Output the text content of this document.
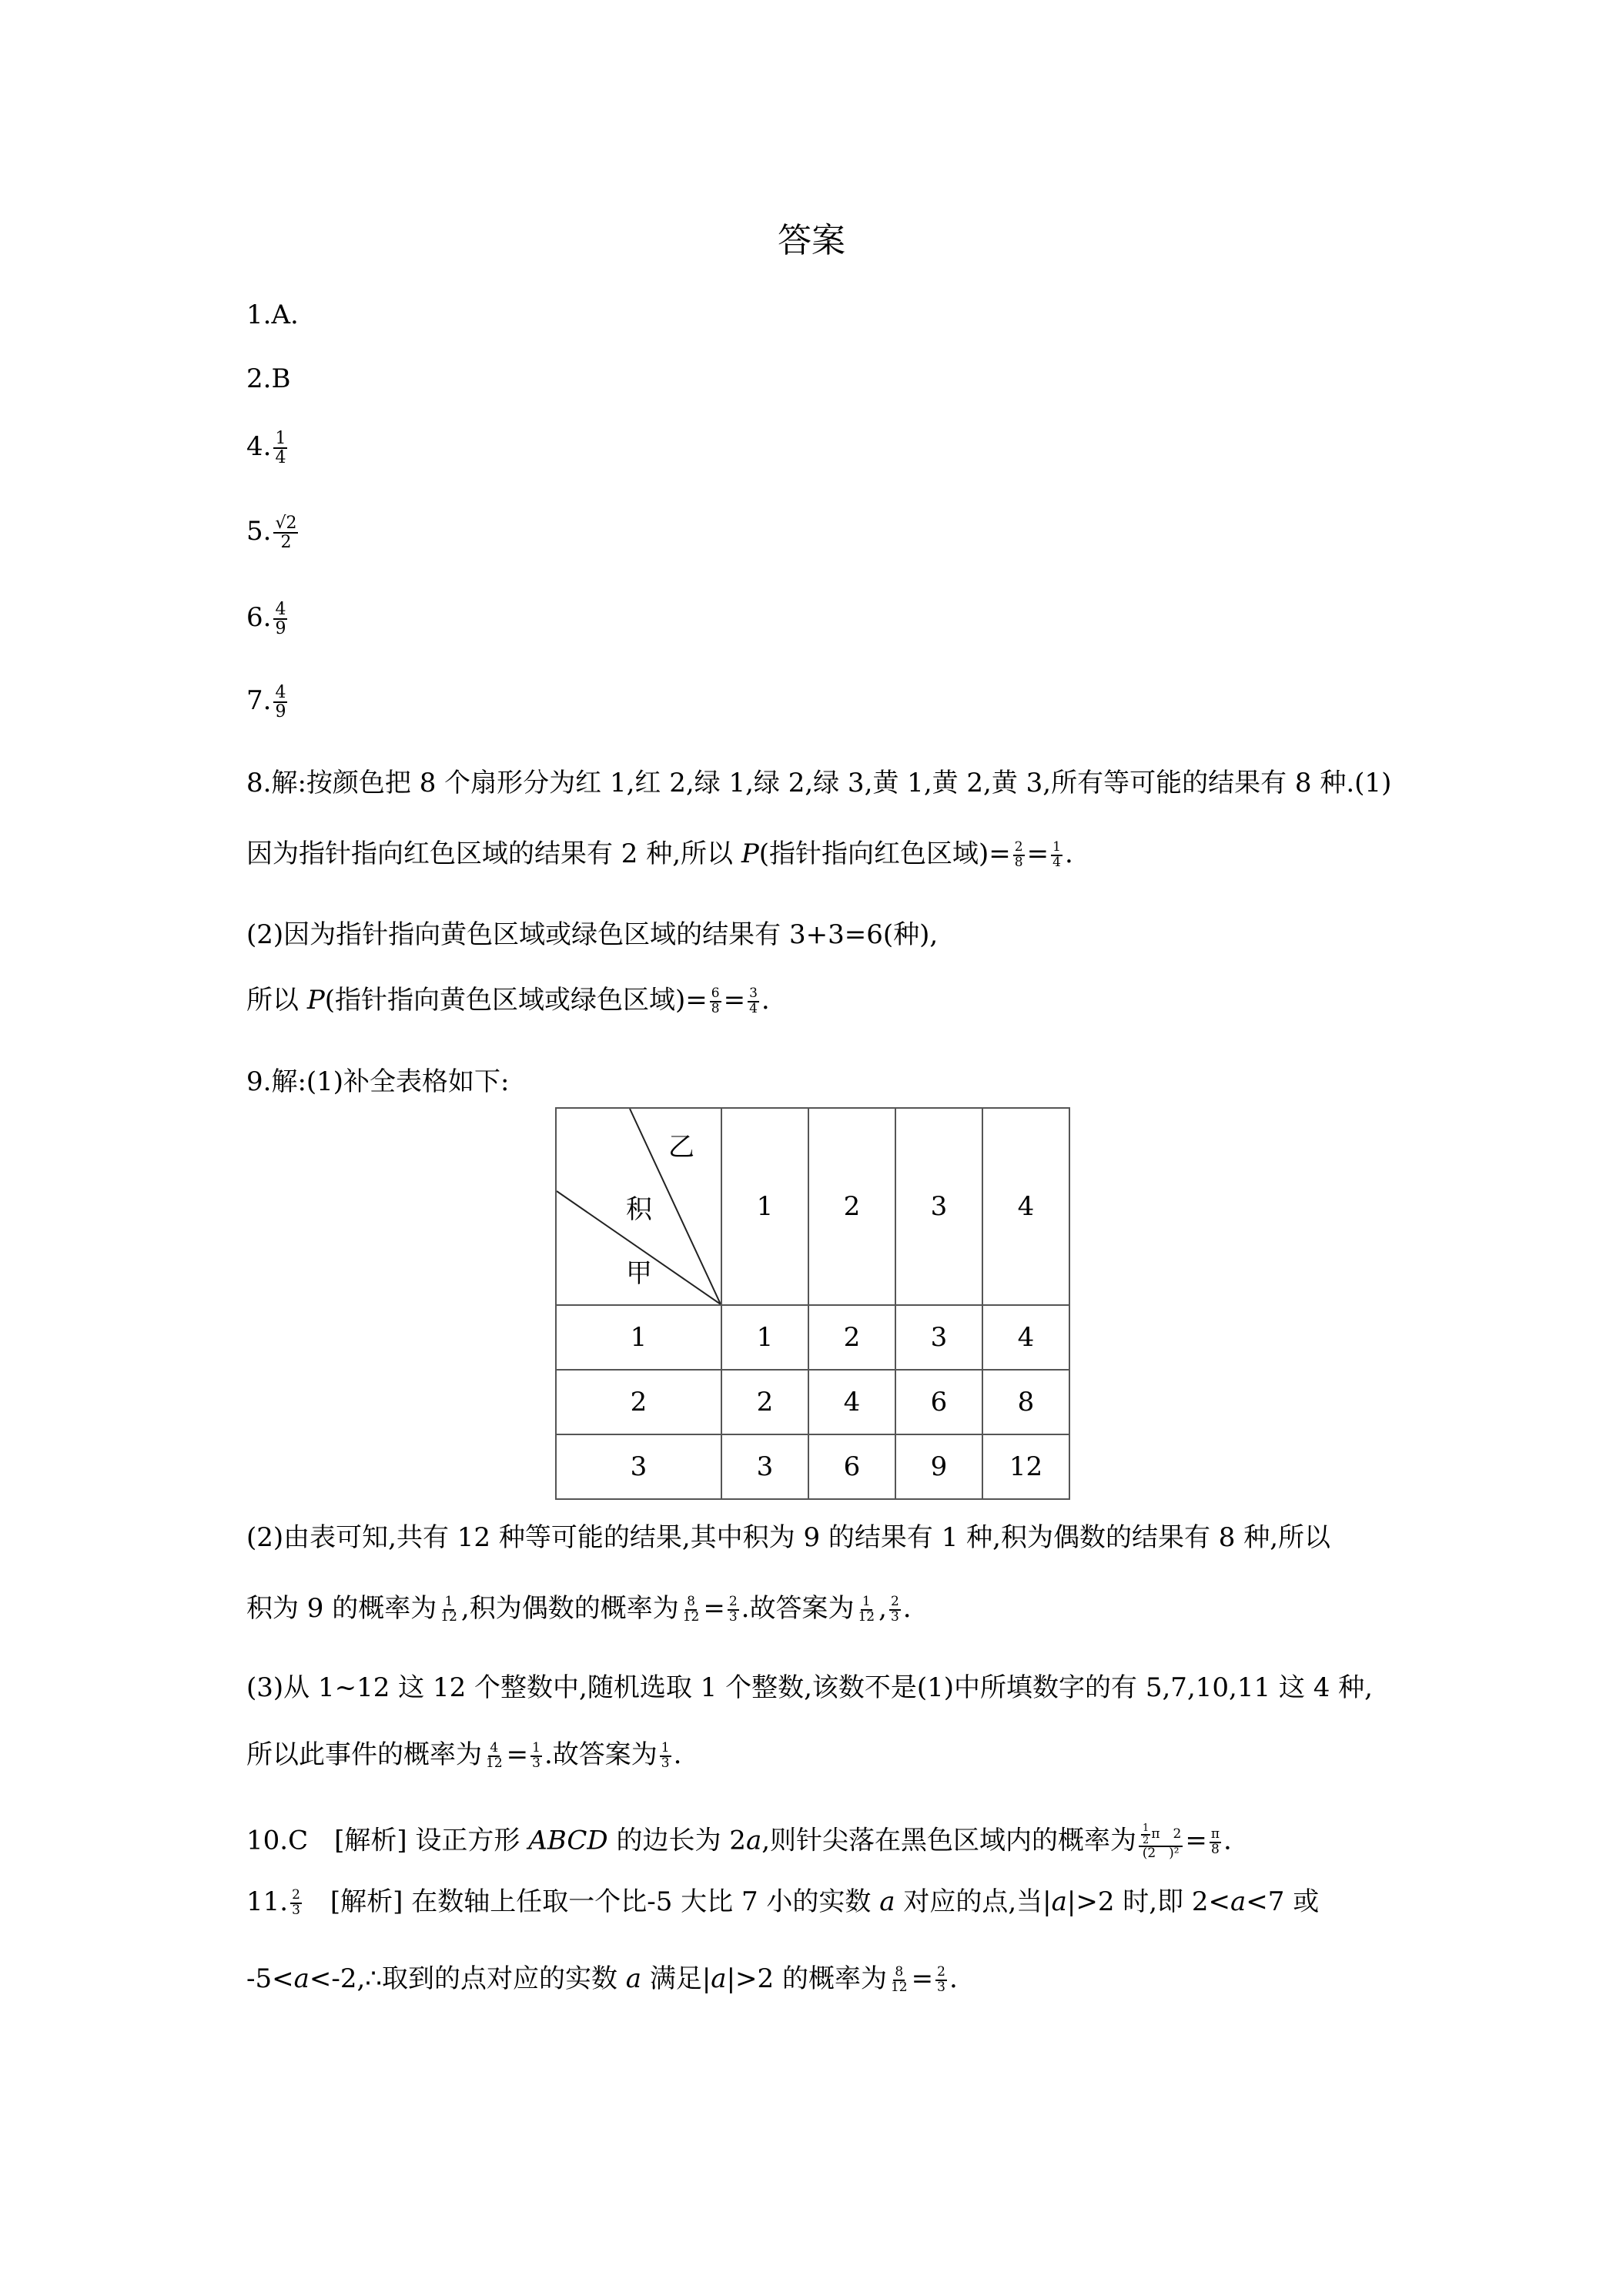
答案
1.A.
2.B
4. $\frac{1}{4}$
5. $\frac{√2}{2}$
6. $\frac{4}{9}$
7. $\frac{4}{9}$
8.解:按颜色把 8 个扇形分为红 1,红 2,绿 1,绿 2,绿 3,黄 1,黄 2,黄 3,所有等可能的结果有 8 种.(1)
因为指针指向红色区域的结果有 2 种,所以 P(指针指向红色区域)= $\frac{2}{8} = \frac{1}{4}$ .
(2)因为指针指向黄色区域或绿色区域的结果有 3+3=6(种),
所以 P(指针指向黄色区域或绿色区域)= $\frac{6}{8} = \frac{3}{4}$ .
9.解:(1)补全表格如下:
乙
积
甲	1	2	3	4
1	1	2	3	4
2	2	4	6	8
3	3	6	9	12
(2)由表可知,共有 12 种等可能的结果,其中积为 9 的结果有 1 种,积为偶数的结果有 8 种,所以
积为 9 的概率为 $\frac{1}{12}$ ,积为偶数的概率为 $\frac{8}{12} = \frac{2}{3}$ .故答案为 $\frac{1}{12}$ , $\frac{2}{3}$ .
(3)从 1~12 这 12 个整数中,随机选取 1 个整数,该数不是(1)中所填数字的有 5,7,10,11 这 4 种,
所以此事件的概率为 $\frac{4}{12} = \frac{1}{3}$ .故答案为 $\frac{1}{3}$ .
10.C　[解析] 设正方形 ABCD 的边长为 2a,则针尖落在黑色区域内的概率为 $\frac{\frac{1}{2} \pi 2}{\text{(2　)²}} = \frac{\pi}{8}$ .
11. $\frac{2}{3}$ 　[解析] 在数轴上任取一个比-5 大比 7 小的实数 a 对应的点,当|a|>2 时,即 2<a<7 或
-5<a<-2,∴取到的点对应的实数 a 满足|a|>2 的概率为 $\frac{8}{12} = \frac{2}{3}$ .
